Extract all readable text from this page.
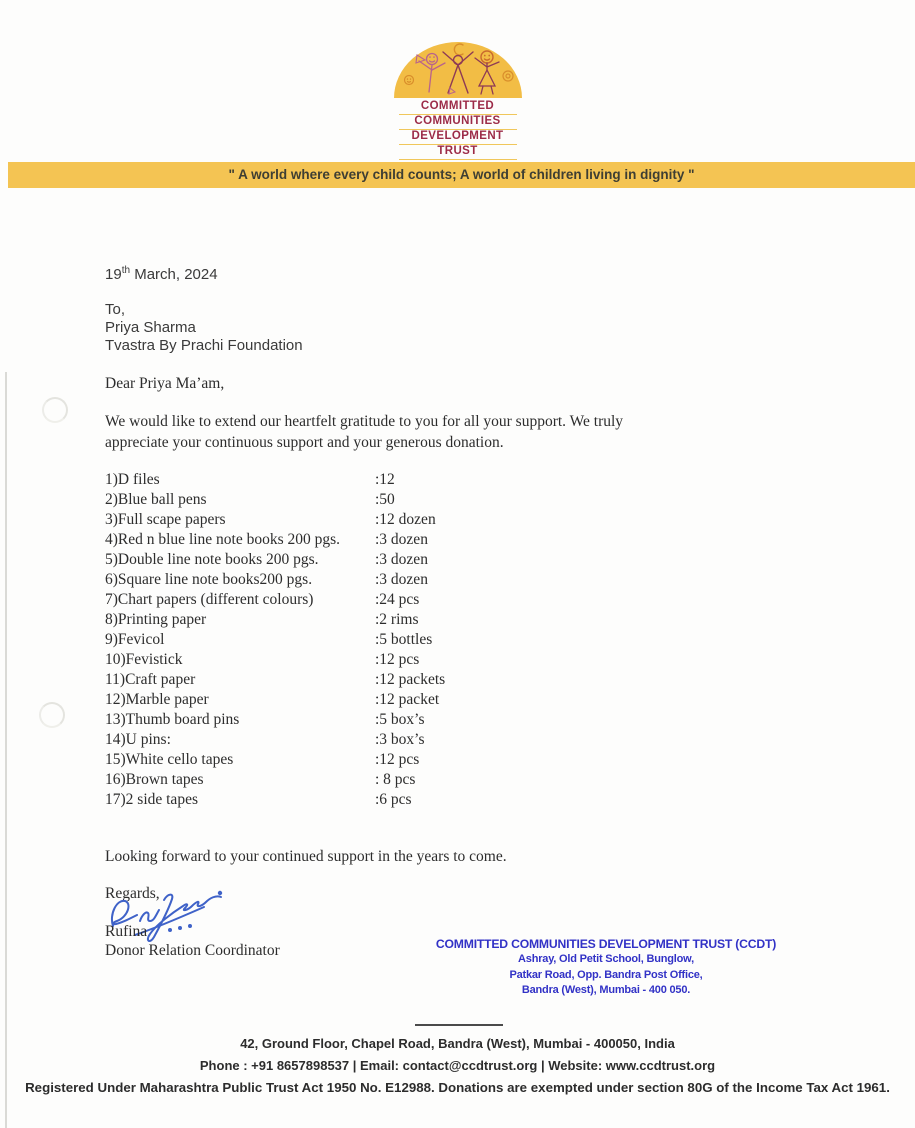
COMMITTED
COMMUNITIES
DEVELOPMENT
TRUST
" A world where every child counts; A world of children living in dignity "
19th March, 2024
To,
Priya Sharma
Tvastra By Prachi Foundation
Dear Priya Ma’am,
We would like to extend our heartfelt gratitude to you for all your support. We truly
appreciate your continuous support and your generous donation.
1)D files	:12
2)Blue ball pens	:50
3)Full scape papers	:12 dozen
4)Red n blue line note books 200 pgs.	:3 dozen
5)Double line note books 200 pgs.	:3 dozen
6)Square line note books200 pgs.	:3 dozen
7)Chart papers (different colours)	:24 pcs
8)Printing paper	:2 rims
9)Fevicol	:5 bottles
10)Fevistick	:12 pcs
11)Craft paper	:12 packets
12)Marble paper	:12 packet
13)Thumb board pins	:5 box’s
14)U pins:	:3 box’s
15)White cello tapes	:12 pcs
16)Brown tapes	: 8 pcs
17)2 side tapes	:6 pcs
Looking forward to your continued support in the years to come.
Regards,
Rufina
Donor Relation Coordinator	COMMITTED COMMUNITIES DEVELOPMENT TRUST (CCDT)
Ashray, Old Petit School, Bunglow,
Patkar Road, Opp. Bandra Post Office,
Bandra (West), Mumbai - 400 050.
42, Ground Floor, Chapel Road, Bandra (West), Mumbai - 400050, India
Phone : +91 8657898537 | Email: contact@ccdtrust.org | Website: www.ccdtrust.org
Registered Under Maharashtra Public Trust Act 1950 No. E12988. Donations are exempted under section 80G of the Income Tax Act 1961.
